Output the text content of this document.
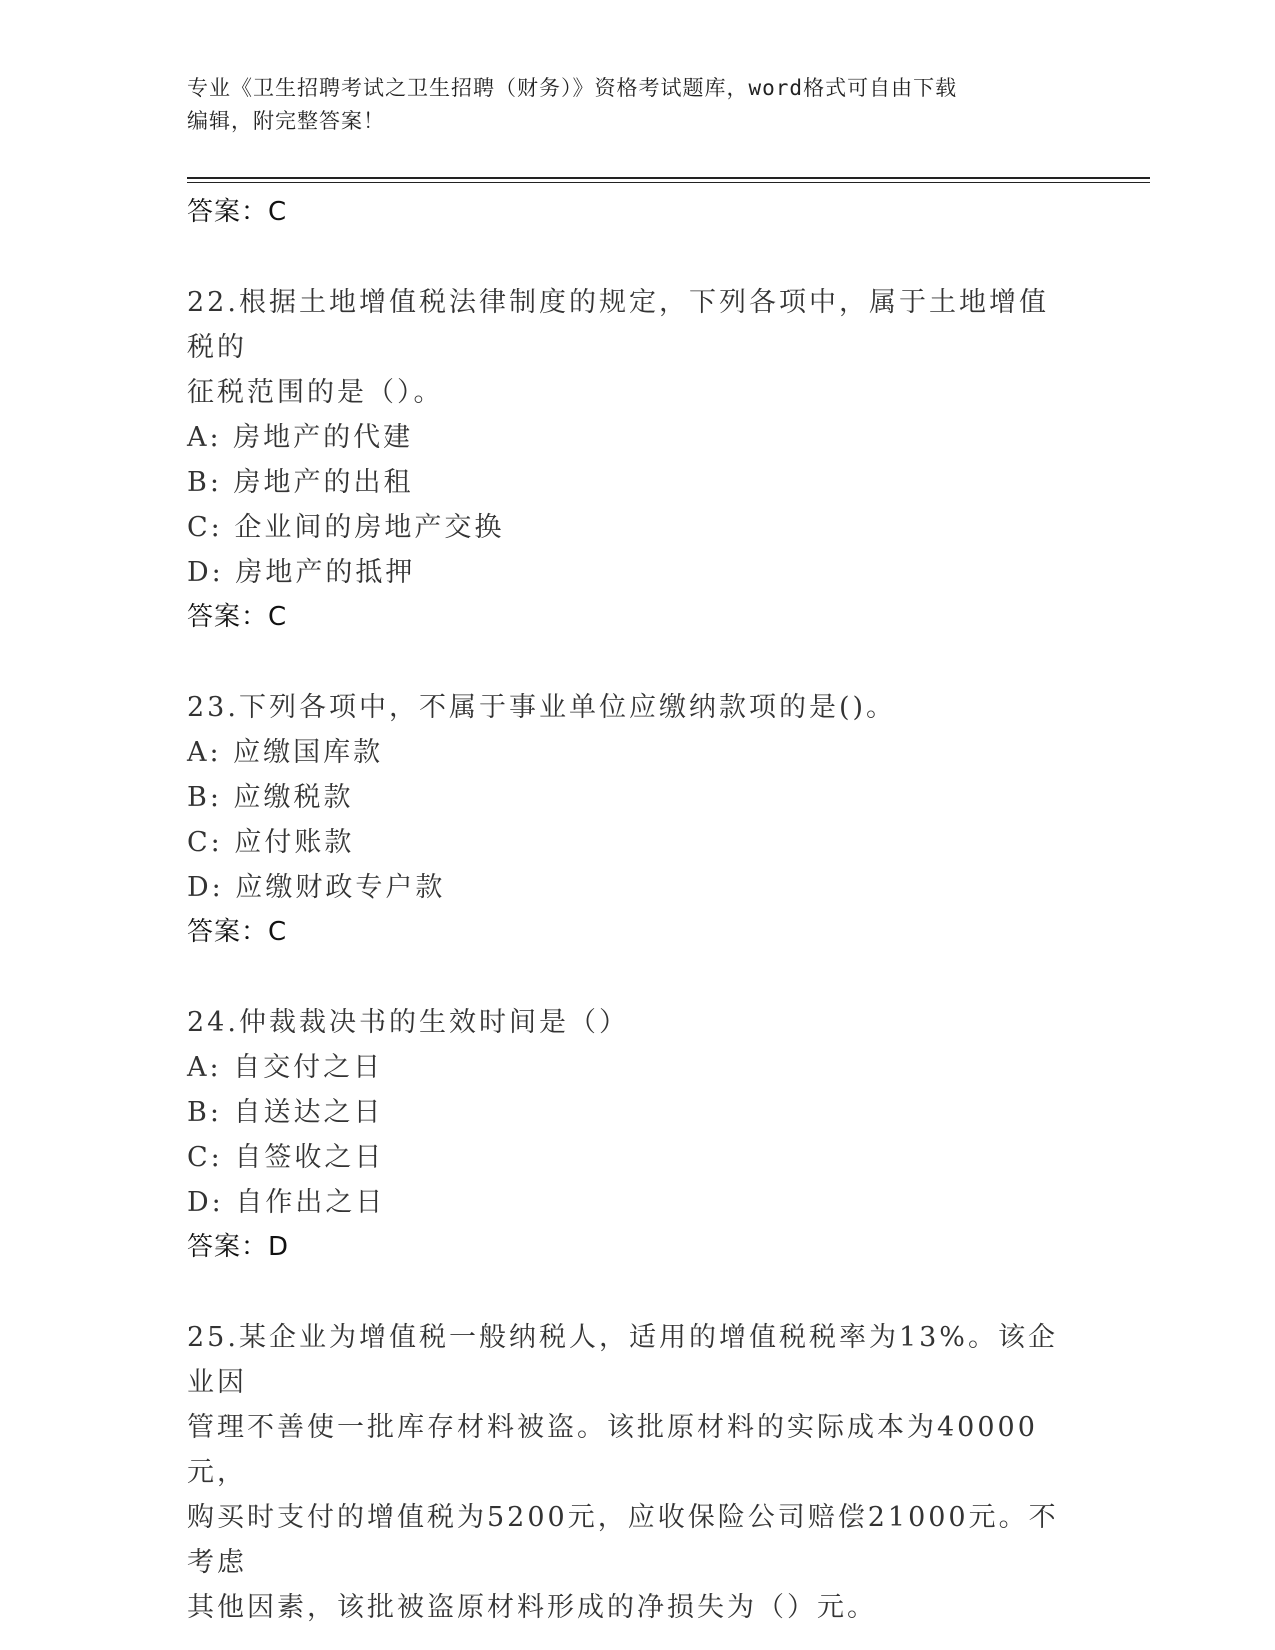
专业《卫生招聘考试之卫生招聘（财务）》资格考试题库，word格式可自由下载
编辑，附完整答案！
答案：C
22.根据土地增值税法律制度的规定，下列各项中，属于土地增值税的
征税范围的是（）。
A: 房地产的代建
B: 房地产的出租
C: 企业间的房地产交换
D: 房地产的抵押
答案：C
23.下列各项中，不属于事业单位应缴纳款项的是()。
A: 应缴国库款
B: 应缴税款
C: 应付账款
D: 应缴财政专户款
答案：C
24.仲裁裁决书的生效时间是（）
A: 自交付之日
B: 自送达之日
C: 自签收之日
D: 自作出之日
答案：D
25.某企业为增值税一般纳税人，适用的增值税税率为13%。该企业因
管理不善使一批库存材料被盗。该批原材料的实际成本为40000元，
购买时支付的增值税为5200元，应收保险公司赔偿21000元。不考虑
其他因素，该批被盗原材料形成的净损失为（）元。
